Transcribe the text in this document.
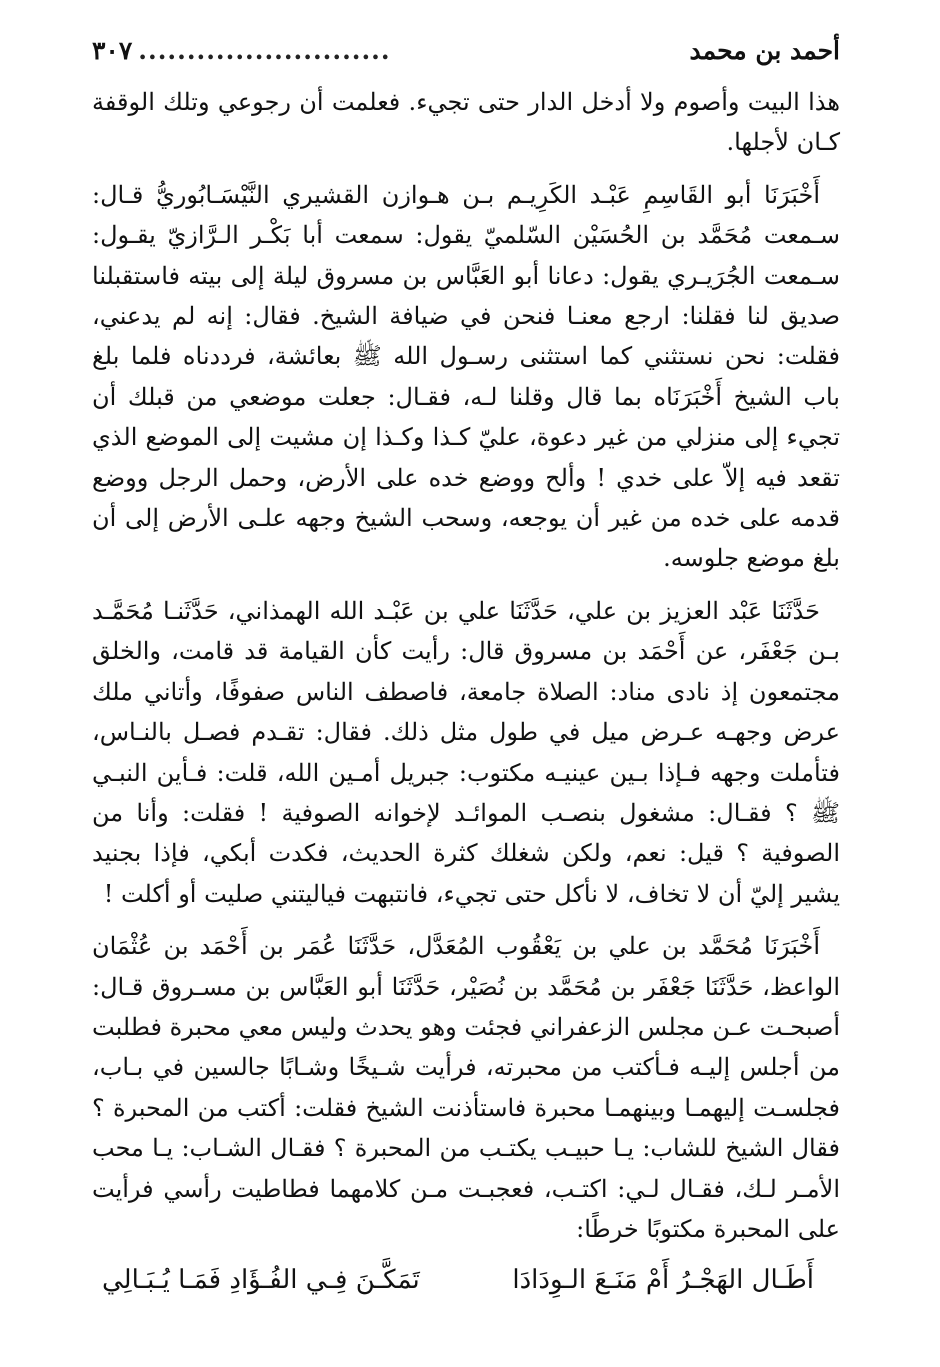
أحمد بن محمد
..........................
٣٠٧

هذا البيت وأصوم ولا أدخل الدار حتى تجيء. فعلمت أن رجوعي وتلك الوقفة كـان لأجلها.

أَخْبَرَنَا أبو القَاسِمِ عَبْـد الكَرِيـم بـن هـوازن القشيري النَّيْسَـابُوريُّ قـال: سـمعت مُحَمَّد بن الحُسَيْن السّلميّ يقول: سمعت أبا بَكْـر الـرَّازيّ يقـول: سـمعت الجُرَيـري يقول: دعانا أبو العَبَّاس بن مسروق ليلة إلى بيته فاستقبلنا صديق لنا فقلنا: ارجع معنـا فنحن في ضيافة الشيخ. فقال: إنه لم يدعني، فقلت: نحن نستثني كما استثنى رسـول الله ﷺ بعائشة، فرددناه فلما بلغ باب الشيخ أَخْبَرَنَاه بما قال وقلنا لـه، فقـال: جعلت موضعي من قبلك أن تجيء إلى منزلي من غير دعوة، عليّ كـذا وكـذا إن مشيت إلى الموضع الذي تقعد فيه إلاّ على خدي ! وألح ووضع خده على الأرض، وحمل الرجل ووضع قدمه على خده من غير أن يوجعه، وسحب الشيخ وجهه علـى الأرض إلى أن بلغ موضع جلوسه.

حَدَّثَنَا عَبْد العزيز بن علي، حَدَّثَنَا علي بن عَبْـد الله الهمذاني، حَدَّثَنـا مُحَمَّـد بـن جَعْفَر، عن أَحْمَد بن مسروق قال: رأيت كأن القيامة قد قامت، والخلق مجتمعون إذ نادى مناد: الصلاة جامعة، فاصطف الناس صفوفًا، وأتاني ملك عرض وجهـه عـرض ميل في طول مثل ذلك. فقال: تقـدم فصـل بالنـاس، فتأملت وجهه فـإذا بـين عينيـه مكتوب: جبريل أمـين الله، قلت: فـأين النبـي ﷺ ؟ فقـال: مشغول بنصـب الموائـد لإخوانه الصوفية ! فقلت: وأنا من الصوفية ؟ قيل: نعم، ولكن شغلك كثرة الحديث، فكدت أبكي، فإذا بجنيد يشير إليّ أن لا تخاف، لا نأكل حتى تجيء، فانتبهت فياليتني صليت أو أكلت !

أَخْبَرَنَا مُحَمَّد بن علي بن يَعْقُوب المُعَدَّل، حَدَّثَنَا عُمَر بن أَحْمَد بن عُثْمَان الواعظ، حَدَّثَنَا جَعْفَر بن مُحَمَّد بن نُصَيْر، حَدَّثَنَا أبو العَبَّاس بن مسـروق قـال: أصبحـت عـن مجلس الزعفراني فجئت وهو يحدث وليس معي محبرة فطلبت من أجلس إليـه فـأكتب من محبرته، فرأيت شـيخًا وشـابًا جالسين في بـاب، فجلسـت إليهمـا وبينهمـا محبرة فاستأذنت الشيخ فقلت: أكتب من المحبرة ؟ فقال الشيخ للشاب: يـا حبيـب يكتـب من المحبرة ؟ فقـال الشـاب: يـا محب الأمـر لـك، فقـال لـي: اكتـب، فعجبـت مـن كلامهما فطاطيت رأسي فرأيت على المحبرة مكتوبًا خرطًا:

أَطَـال الهَجْـرُ أَمْ مَنَـعَ الـوِدَادَا
تَمَكَّـنَ فِـي الفُـؤَادِ فَمَـا يُـبَـالِي
